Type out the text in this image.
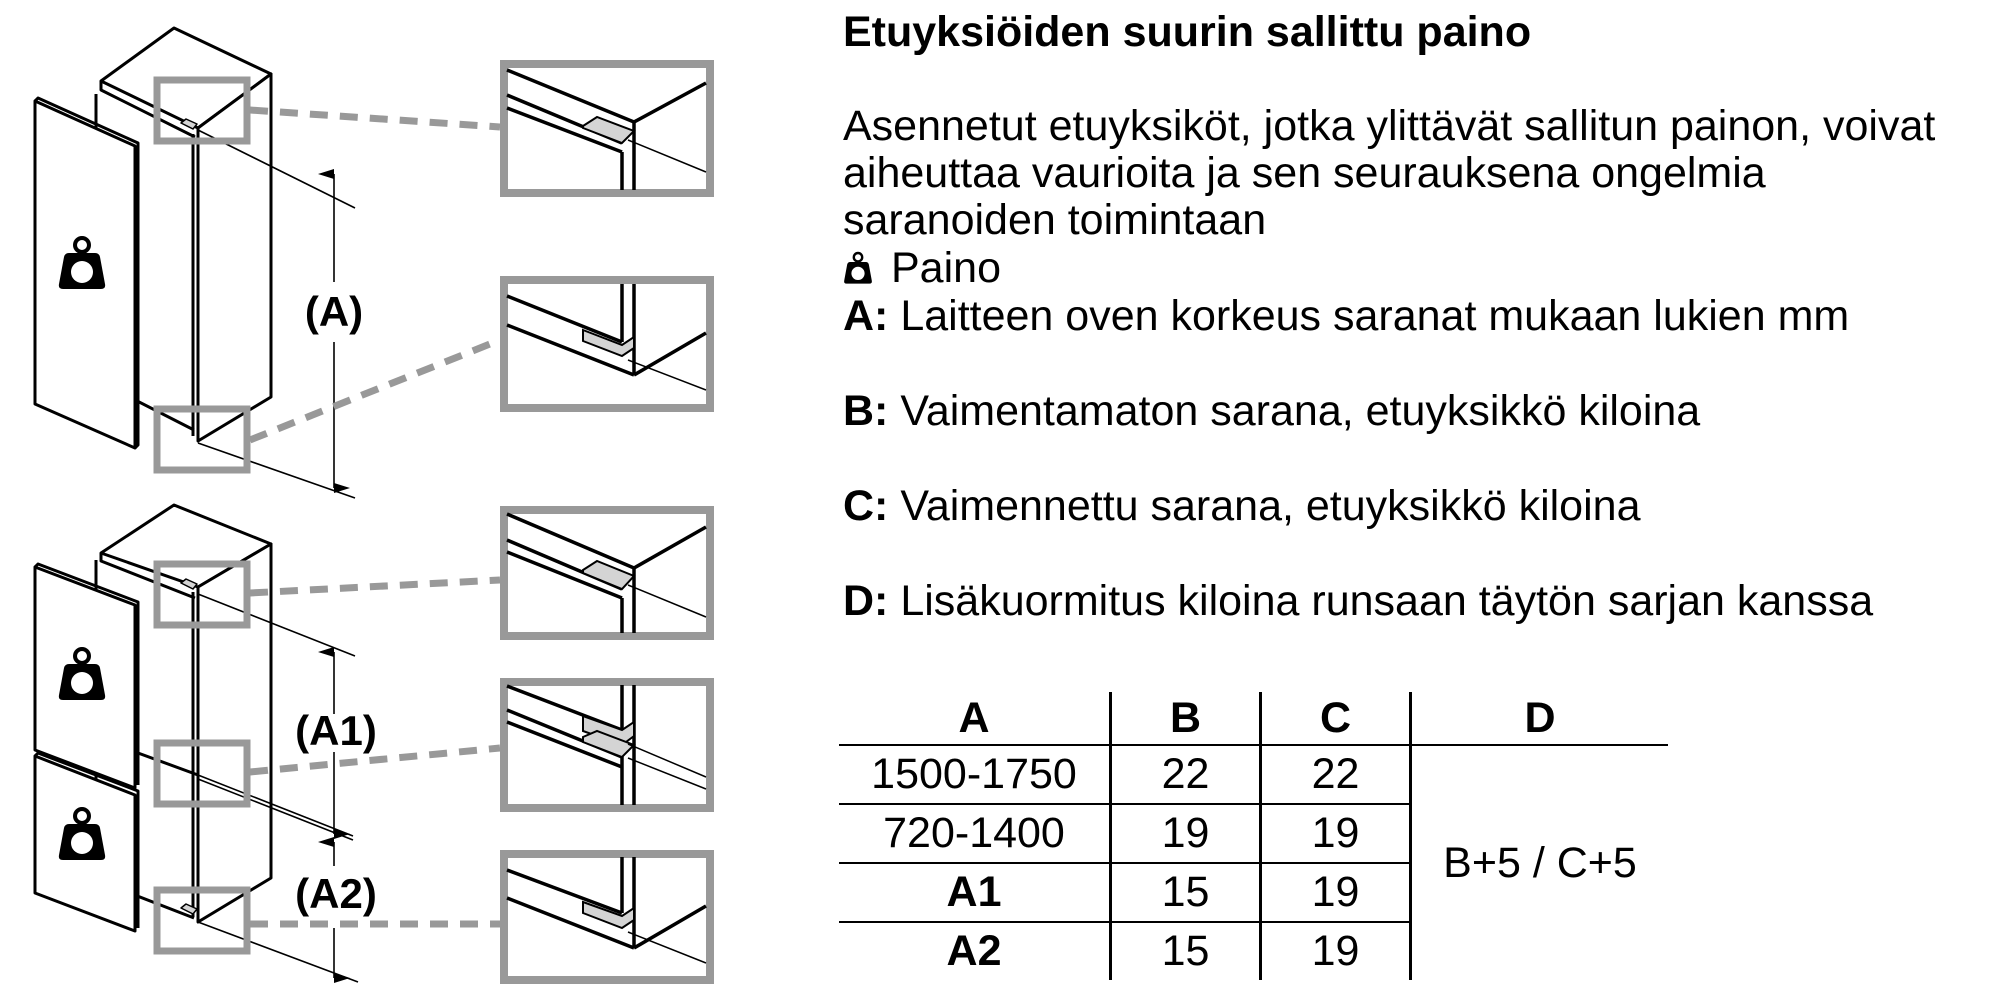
(A)
(A1)
(A2)
Etuyksiöiden suurin sallittu paino
Asennetut etuyksiköt, jotka ylittävät sallitun painon, voivat
aiheuttaa vaurioita ja sen seurauksena ongelmia
saranoiden toimintaan
Paino
A: Laitteen oven korkeus saranat mukaan lukien mm
B: Vaimentamaton sarana, etuyksikkö kiloina
C: Vaimennettu sarana, etuyksikkö kiloina
D: Lisäkuormitus kiloina runsaan täytön sarjan kanssa
A	B	C	D
1500-1750	22	22	B+5 / C+5
720-1400	19	19	
A1	15	19	
A2	15	19	
